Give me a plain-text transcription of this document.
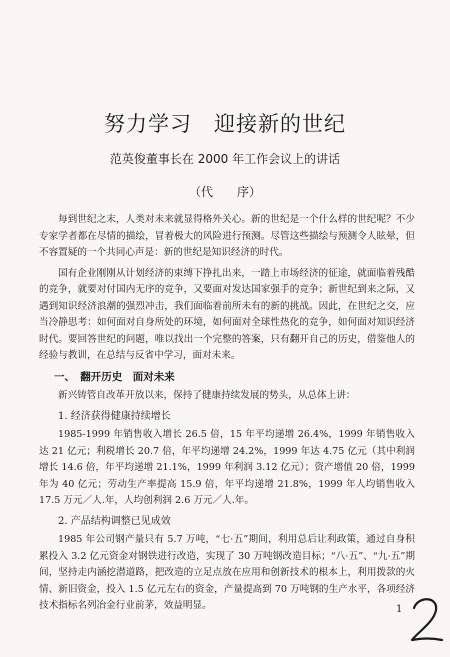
努力学习　迎接新的世纪
范英俊董事长在 2000 年工作会议上的讲话
（代　　序）

每到世纪之末，人类对未来就显得格外关心。新的世纪是一个什么样的世纪呢？不少专家学者都在尽情的描绘，冒着极大的风险进行预测。尽管这些描绘与预测令人眩晕，但不容置疑的一个共同心声是：新的世纪是知识经济的时代。

国有企业刚刚从计划经济的束缚下挣扎出来，一踏上市场经济的征途，就面临着残酷的竞争，就要对付国内无序的竞争，又要面对发达国家强手的竞争；新世纪到来之际，又遇到知识经济浪潮的强烈冲击，我们面临着前所未有的新的挑战。因此，在世纪之交，应当冷静思考：如何面对自身所处的环境，如何面对全球性热化的竞争，如何面对知识经济时代。要回答世纪的问题，唯以找出一个完整的答案，只有翻开自己的历史，借鉴他人的经验与教训，在总结与反省中学习，面对未来。

一、　翻开历史　面对未来

新兴铸管自改革开放以来，保持了健康持续发展的势头，从总体上讲：

1. 经济获得健康持续增长

1985-1999 年销售收入增长 26.5 倍，15 年平均递增 26.4%，1999 年销售收入达 21 亿元；利税增长 20.7 倍，年平均递增 24.2%，1999 年达 4.75 亿元（其中利润增长 14.6 倍，年平均递增 21.1%，1999 年利润 3.12 亿元）；资产增值 20 倍，1999 年为 40 亿元；劳动生产率提高 15.9 倍，年平均递增 21.8%，1999 年人均销售收入 17.5 万元／人.年，人均创利润 2.6 万元／人.年。

2. 产品结构调整已见成效

1985 年公司钢产量只有 5.7 万吨，“七·五”期间，利用总后让利政策，通过自身积累投入 3.2 亿元资金对钢铁进行改造，实现了 30 万吨钢改造目标；“八·五”、“九·五”期间，坚持走内涵挖潜道路，把改造的立足点放在应用和创新技术的根本上，利用拨款的火情、新旧资金，投入 1.5 亿元左右的资金，产量提高到 70 万吨钢的生产水平，各项经济技术指标名列冶金行业前茅，效益明显。	1
